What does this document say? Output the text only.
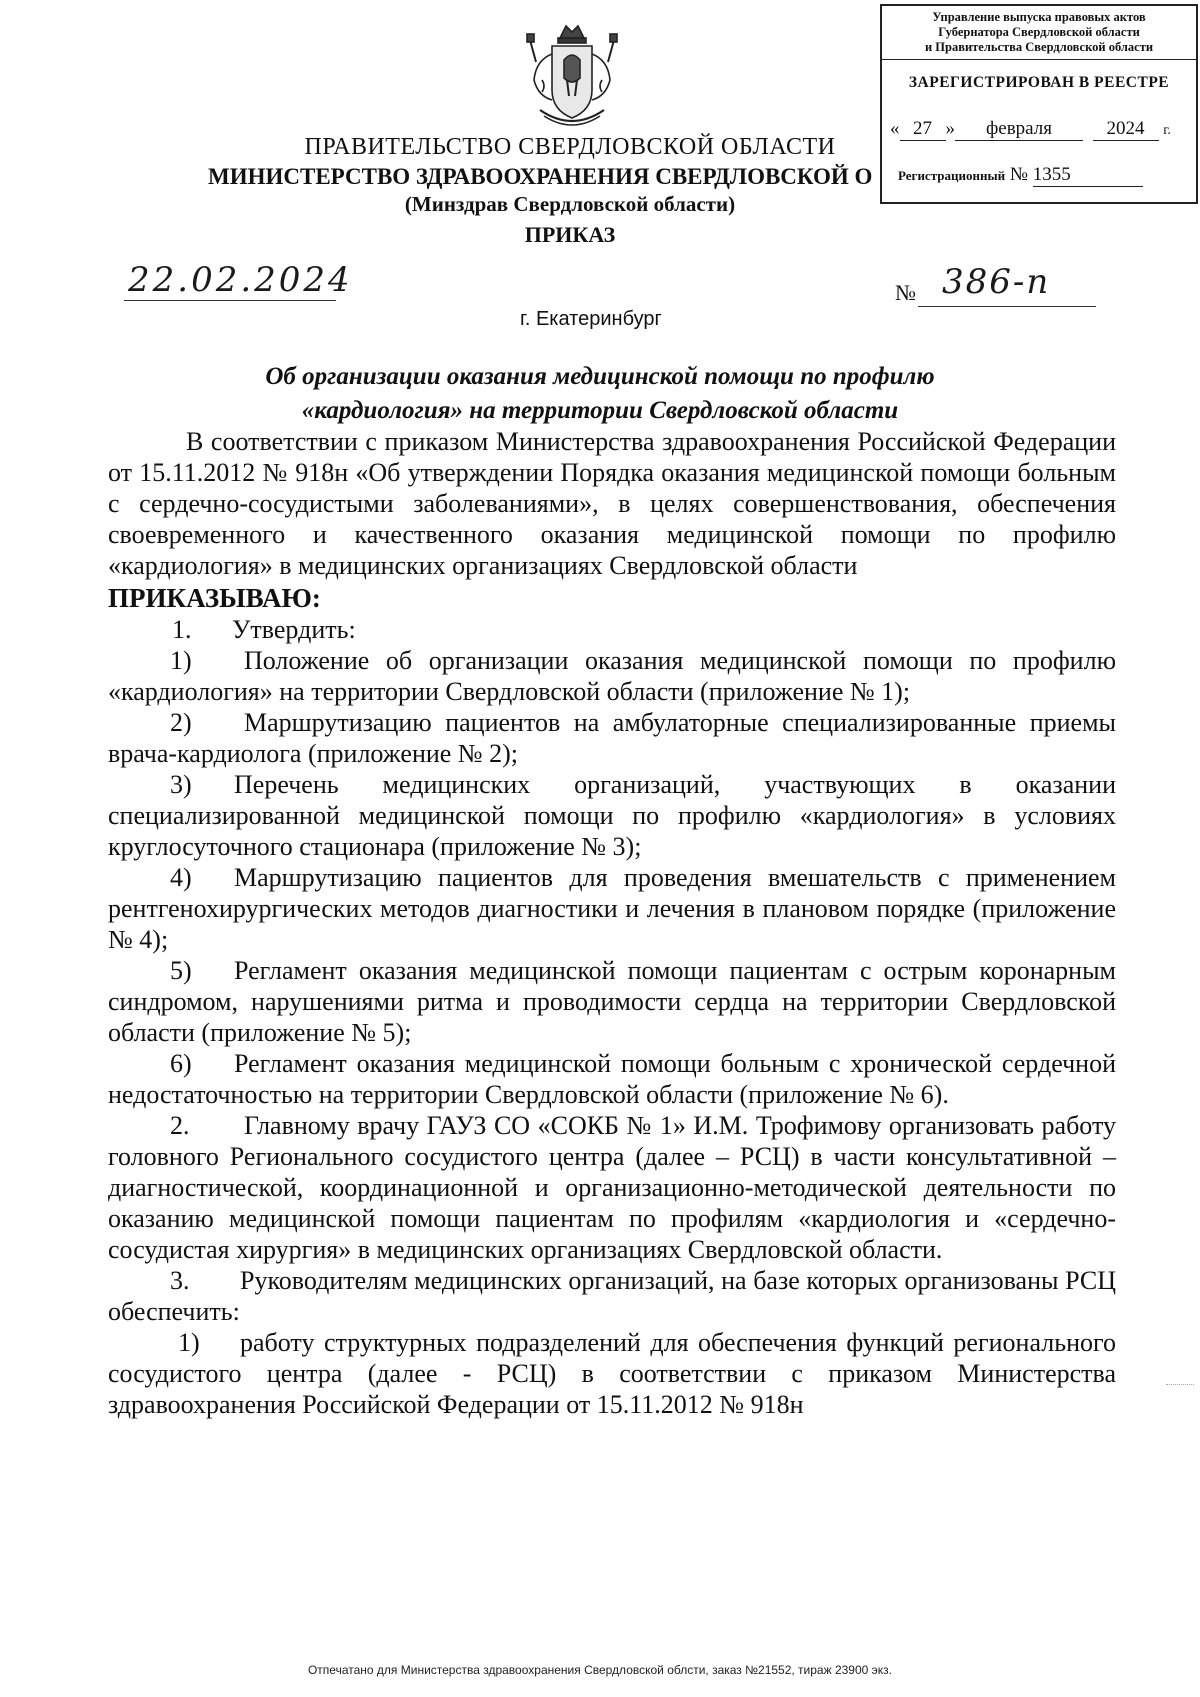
ПРАВИТЕЛЬСТВО СВЕРДЛОВСКОЙ ОБЛАСТИ
МИНИСТЕРСТВО ЗДРАВООХРАНЕНИЯ СВЕРДЛОВСКОЙ О
(Минздрав Свердловской области)
ПРИКАЗ
Управление выпуска правовых актов
Губернатора Свердловской области
и Правительства Свердловской области
ЗАРЕГИСТРИРОВАН В РЕЕСТРЕ
« 27 » февраля	2024 г.
Регистрационный № 1355
22.02.2024	№ 386-п
г. Екатеринбург
Об организации оказания медицинской помощи по профилю
«кардиология» на территории Свердловской области

В соответствии с приказом Министерства здравоохранения Российской Федерации от 15.11.2012 № 918н «Об утверждении Порядка оказания медицинской помощи больным с сердечно-сосудистыми заболеваниями», в целях совершенствования, обеспечения своевременного и качественного оказания медицинской помощи по профилю «кардиология» в медицинских организациях Свердловской области

ПРИКАЗЫВАЮ:

1. Утвердить:

1) Положение об организации оказания медицинской помощи по профилю «кардиология» на территории Свердловской области (приложение № 1);

2) Маршрутизацию пациентов на амбулаторные специализированные приемы врача-кардиолога (приложение № 2);

3) Перечень медицинских организаций, участвующих в оказании специализированной медицинской помощи по профилю «кардиология» в условиях круглосуточного стационара (приложение № 3);

4) Маршрутизацию пациентов для проведения вмешательств с применением рентгенохирургических методов диагностики и лечения в плановом порядке (приложение № 4);

5) Регламент оказания медицинской помощи пациентам с острым коронарным синдромом, нарушениями ритма и проводимости сердца на территории Свердловской области (приложение № 5);

6) Регламент оказания медицинской помощи больным с хронической сердечной недостаточностью на территории Свердловской области (приложение № 6).

2. Главному врачу ГАУЗ СО «СОКБ № 1» И.М. Трофимову организовать работу головного Регионального сосудистого центра (далее – РСЦ) в части консультативной – диагностической, координационной и организационно-методической деятельности по оказанию медицинской помощи пациентам по профилям «кардиология и «сердечно-сосудистая хирургия» в медицинских организациях Свердловской области.

3. Руководителям медицинских организаций, на базе которых организованы РСЦ обеспечить:

1) работу структурных подразделений для обеспечения функций регионального сосудистого центра (далее - РСЦ) в соответствии с приказом Министерства здравоохранения Российской Федерации от 15.11.2012 № 918н

Отпечатано для Министерства здравоохранения Свердловской облсти, заказ №21552, тираж 23900 экз.
